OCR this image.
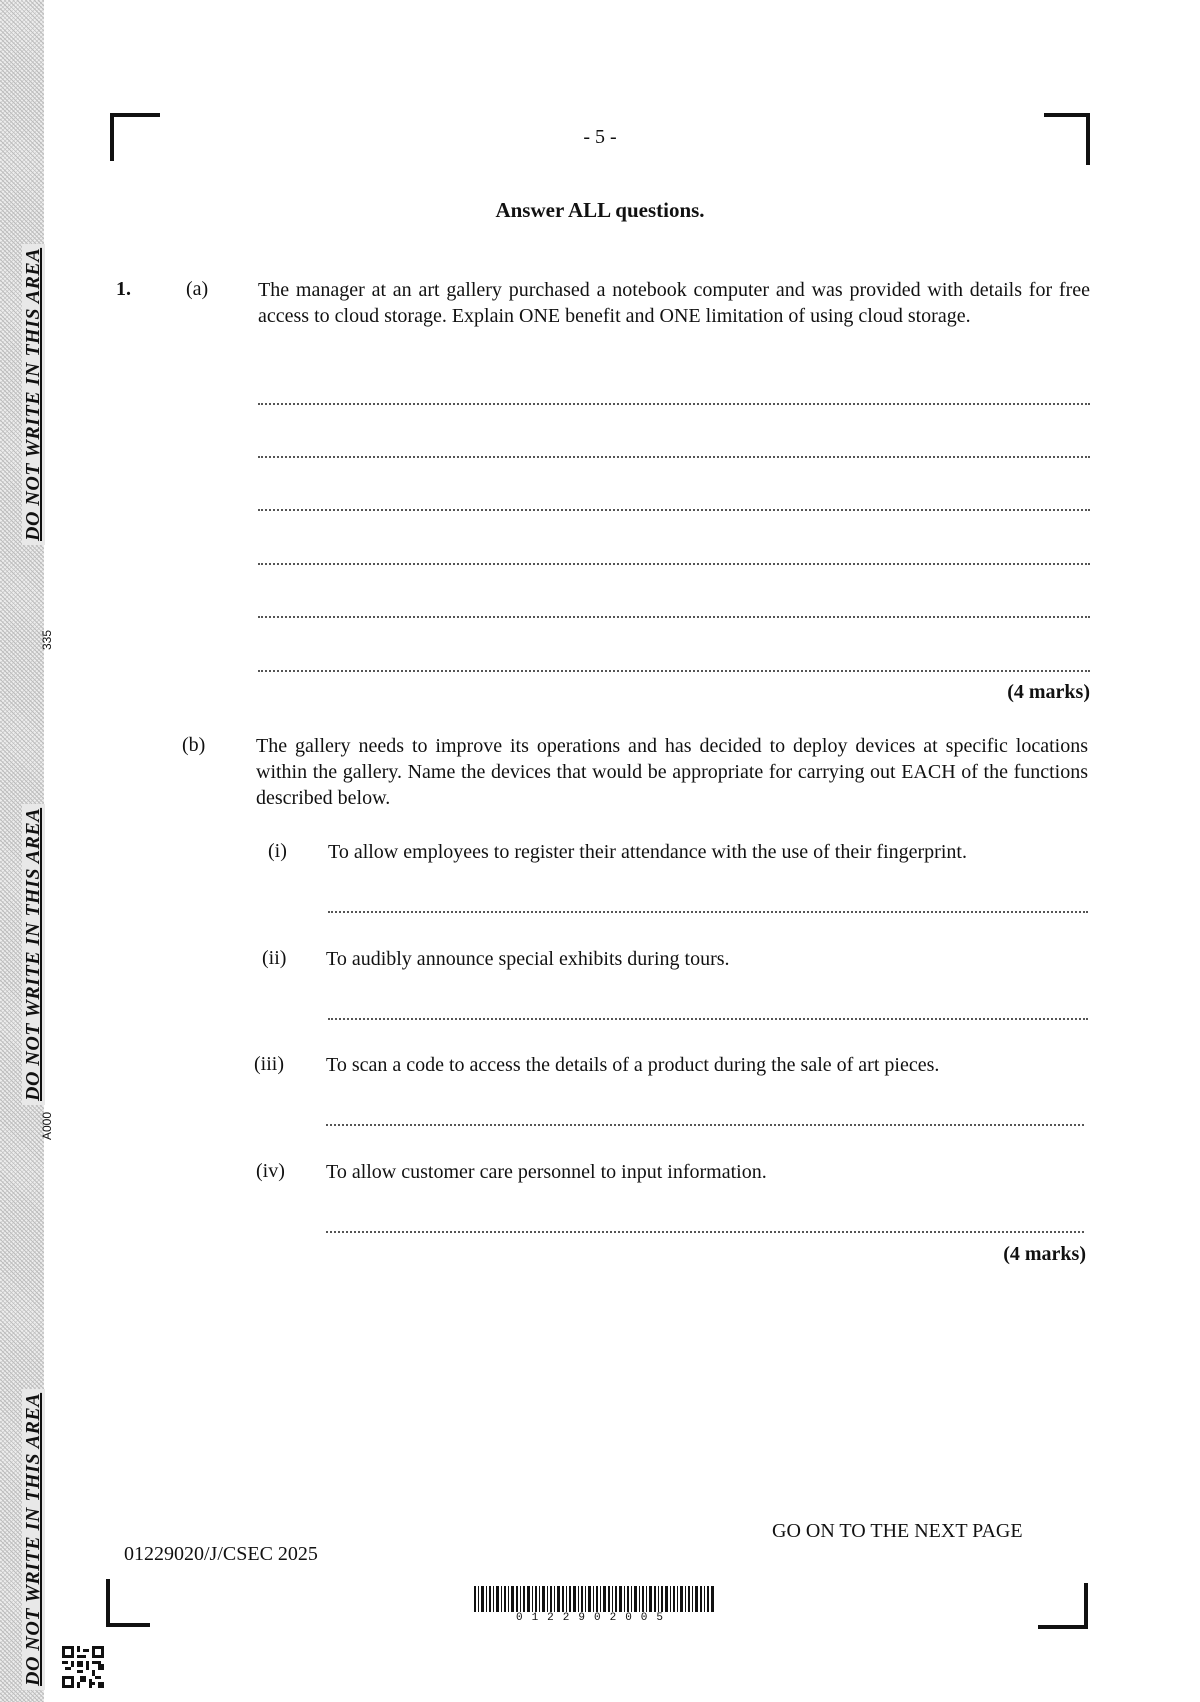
DO NOT WRITE IN THIS AREA
DO NOT WRITE IN THIS AREA
DO NOT WRITE IN THIS AREA
335
A000
- 5 -
Answer ALL questions.
1.	(a) The manager at an art gallery purchased a notebook computer and was provided with details for free access to cloud storage. Explain ONE benefit and ONE limitation of using cloud storage.
(4 marks)
(b)	The gallery needs to improve its operations and has decided to deploy devices at specific locations within the gallery. Name the devices that would be appropriate for carrying out EACH of the functions described below.
(i) To allow employees to register their attendance with the use of their fingerprint.
(ii) To audibly announce special exhibits during tours.
(iii) To scan a code to access the details of a product during the sale of art pieces.
(iv) To allow customer care personnel to input information.
(4 marks)
GO ON TO THE NEXT PAGE
01229020/J/CSEC 2025
0122902005
